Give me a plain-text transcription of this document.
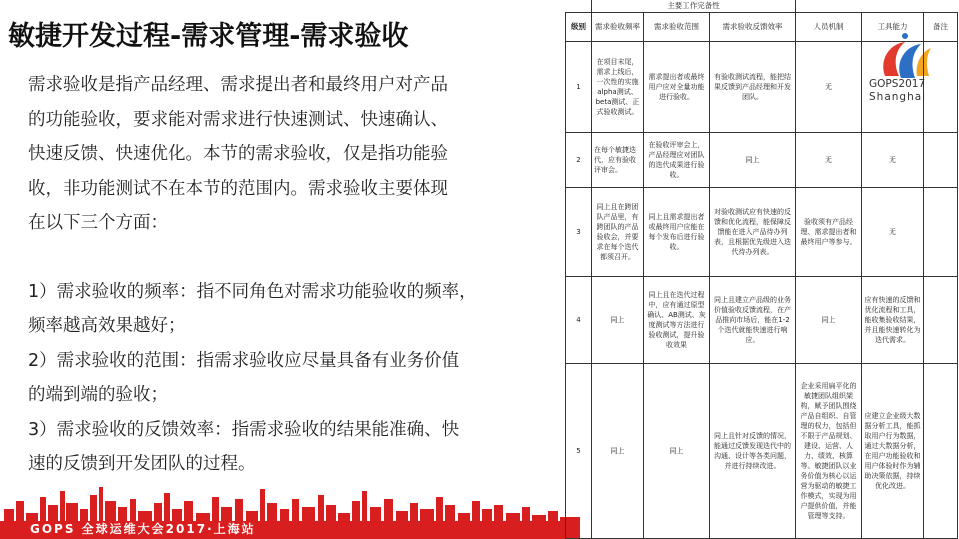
敏捷开发过程-需求管理-需求验收

需求验收是指产品经理、需求提出者和最终用户对产品

的功能验收，要求能对需求进行快速测试、快速确认、

快速反馈、快速优化。本节的需求验收，仅是指功能验

收，非功能测试不在本节的范围内。需求验收主要体现

在以下三个方面：

1）需求验收的频率：指不同角色对需求功能验收的频率，

频率越高效果越好；

2）需求验收的范围：指需求验收应尽量具备有业务价值

的端到端的验收；

3）需求验收的反馈效率：指需求验收的结果能准确、快

速的反馈到开发团队的过程。

GOPS 全球运维大会2017·上海站
GOPS2017
Shanghai
	主要工作完备性					
级别	需求验收频率	需求验收范围	需求验收反馈效率	人员机制	工具能力	备注
1	在项目末尾，需求上线后，一次性的实施alpha测试、beta测试、正式验收测试。	需求提出者或最终用户应对全量功能进行验收。	有验收测试流程，能把结果反馈到产品经理和开发团队。	无		
2	在每个敏捷迭代，应有验收评审会。	在验收评审会上，产品经理应对团队的迭代成果进行验收。	同上	无	无	
3	同上且在跨团队产品里，有跨团队的产品验收会，并要求在每个迭代都须召开。	同上且需求提出者或最终用户应能在每个发布后进行验收。	对验收测试应有快速的反馈和优化流程，能保障反馈能在进入产品待办列表，且根据优先级进入迭代待办列表。	验收须有产品经理、需求提出者和最终用户等参与。	无	
4	同上	同上且在迭代过程中，应有通过原型确认、AB测试、灰度测试等方法进行验收测试，提升验收效果	同上且建立产品级的业务价值验收反馈流程，在产品推向市场后，能在1-2个迭代就能快速进行响应。	同上	应有快速的反馈和优化流程和工具，能收集验收结果，并且能快速转化为迭代需求。	
5	同上	同上	同上且针对反馈的情况，能通过反馈发现迭代中的沟通、设计等各类问题，并进行持续改进。	企业采用扁平化的敏捷团队组织架构，赋予团队围绕产品自组织、自管理的权力，包括但不限于产品规划、建设、运营、人力、绩效、核算等。敏捷团队以业务价值为核心以运营为驱动的敏捷工作模式，实现为用户提供价值，并能管理等支持。	应建立企业级大数据分析工具，能抓取用户行为数据，通过大数据分析，在用户功能验收和用户体验时作为辅助决策依据，持续优化改进。	
